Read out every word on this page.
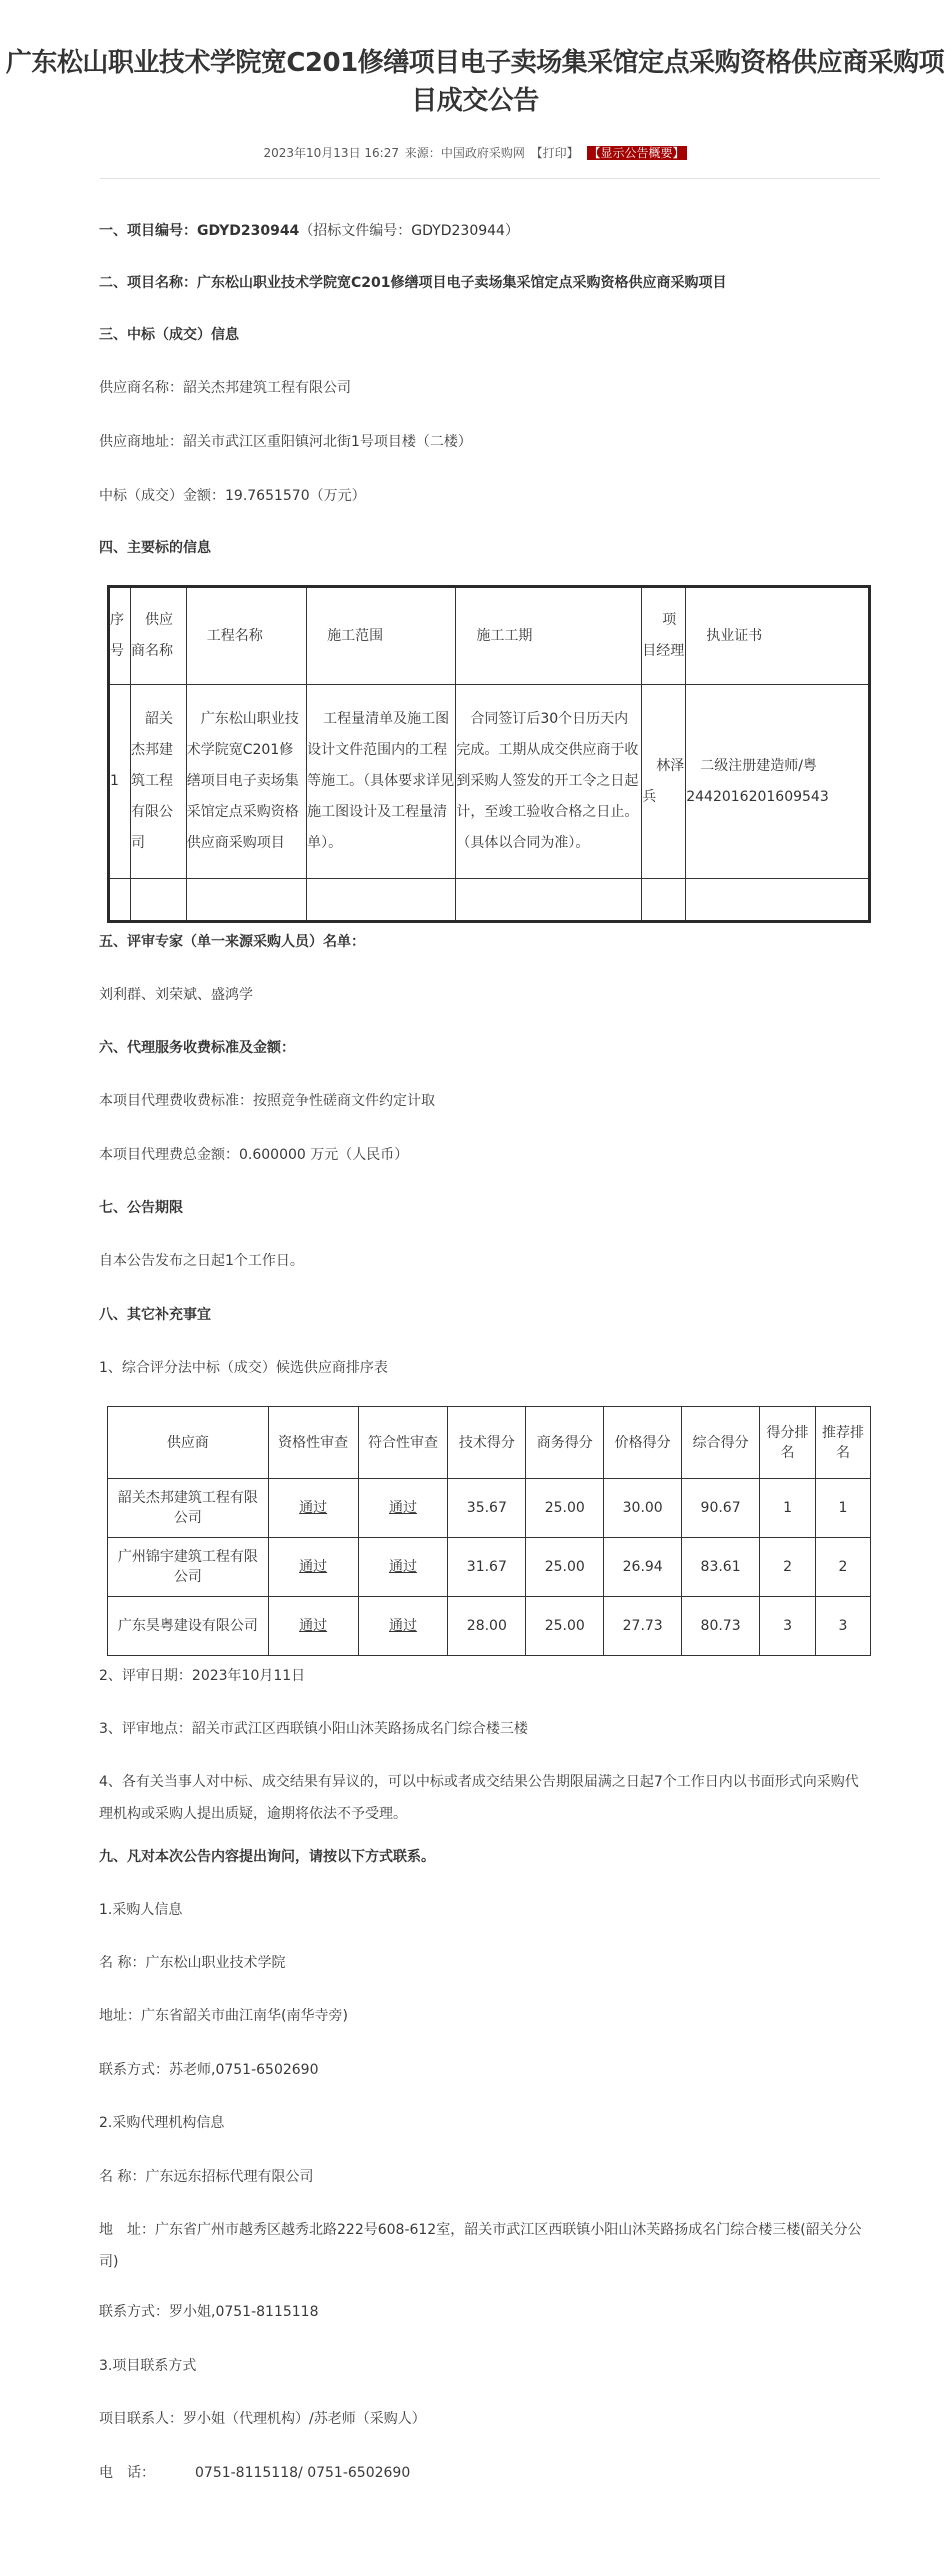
广东松山职业技术学院宽C201修缮项目电子卖场集采馆定点采购资格供应商采购项目成交公告
2023年10月13日 16:27 来源：中国政府采购网 【打印】 【显示公告概要】
一、项目编号：GDYD230944（招标文件编号：GDYD230944）
二、项目名称：广东松山职业技术学院宽C201修缮项目电子卖场集采馆定点采购资格供应商采购项目
三、中标（成交）信息
供应商名称：韶关杰邦建筑工程有限公司
供应商地址：韶关市武江区重阳镇河北街1号项目楼（二楼）
中标（成交）金额：19.7651570（万元）
四、主要标的信息
序号	供应商名称	工程名称	施工范围	施工工期	项目经理	执业证书
1	韶关杰邦建筑工程有限公司	广东松山职业技术学院宽C201修缮项目电子卖场集采馆定点采购资格供应商采购项目	工程量清单及施工图设计文件范围内的工程等施工。（具体要求详见施工图设计及工程量清单）。	合同签订后30个日历天内完成。工期从成交供应商于收到采购人签发的开工令之日起计，至竣工验收合格之日止。（具体以合同为准）。	林泽兵	二级注册建造师/粤2442016201609543

五、评审专家（单一来源采购人员）名单：
刘利群、刘荣斌、盛鸿学
六、代理服务收费标准及金额：
本项目代理费收费标准：按照竞争性磋商文件约定计取
本项目代理费总金额：0.600000 万元（人民币）
七、公告期限
自本公告发布之日起1个工作日。
八、其它补充事宜
1、综合评分法中标（成交）候选供应商排序表
供应商	资格性审查	符合性审查	技术得分	商务得分	价格得分	综合得分	得分排名	推荐排名
韶关杰邦建筑工程有限公司	通过	通过	35.67	25.00	30.00	90.67	1	1
广州锦宇建筑工程有限公司	通过	通过	31.67	25.00	26.94	83.61	2	2
广东昊粤建设有限公司	通过	通过	28.00	25.00	27.73	80.73	3	3
2、评审日期：2023年10月11日
3、评审地点：韶关市武江区西联镇小阳山沐芙路扬成名门综合楼三楼
4、各有关当事人对中标、成交结果有异议的，可以中标或者成交结果公告期限届满之日起7个工作日内以书面形式向采购代理机构或采购人提出质疑，逾期将依法不予受理。
九、凡对本次公告内容提出询问，请按以下方式联系。
1.采购人信息
名 称：广东松山职业技术学院
地址：广东省韶关市曲江南华(南华寺旁)
联系方式：苏老师,0751-6502690
2.采购代理机构信息
名 称：广东远东招标代理有限公司
地　址：广东省广州市越秀区越秀北路222号608-612室，韶关市武江区西联镇小阳山沐芙路扬成名门综合楼三楼(韶关分公司)
联系方式：罗小姐,0751-8115118
3.项目联系方式
项目联系人：罗小姐（代理机构）/苏老师（采购人）
电　话：	0751-8115118/ 0751-6502690
